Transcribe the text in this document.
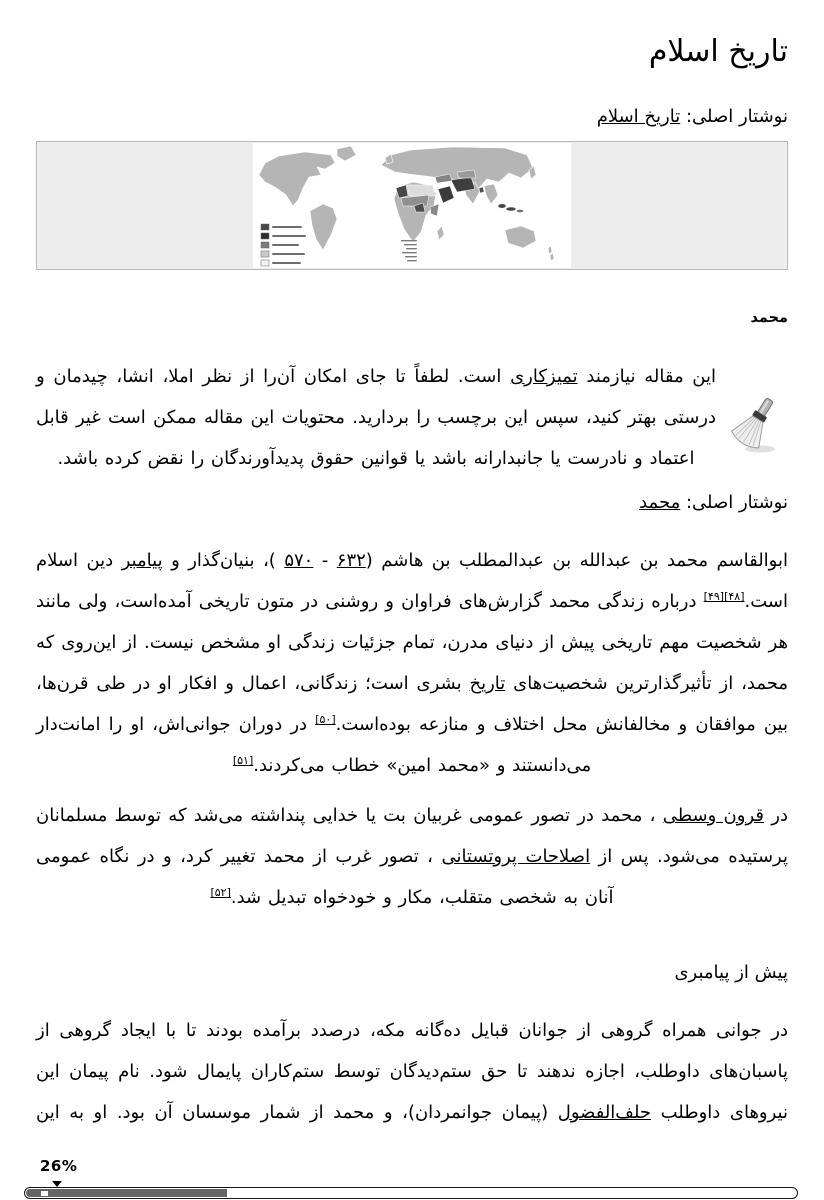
تاریخ اسلام
نوشتار اصلی: تاریخ اسلام
محمد
این مقاله نیازمند تمیزکاری است. لطفاً تا جای امکان آن‌را از نظر املا، انشا، چیدمان و درستی بهتر کنید، سپس این برچسب را بردارید. محتویات این مقاله ممکن است غیر قابل اعتماد و نادرست یا جانبدارانه باشد یا قوانین حقوق پدیدآورندگان را نقض کرده باشد.
نوشتار اصلی: محمد
ابوالقاسم محمد بن عبدالله بن عبدالمطلب بن هاشم (۶۳۲ - ۵۷۰ )، بنیان‌گذار و پیامبر دین اسلام است.[۴۸][۴۹] درباره زندگی محمد گزارش‌های فراوان و روشنی در متون تاریخی آمده‌است، ولی مانند هر شخصیت مهم تاریخی پیش از دنیای مدرن، تمام جزئیات زندگی او مشخص نیست. از این‌روی که محمد، از تأثیرگذارترین شخصیت‌های تاریخ بشری است؛ زندگانی، اعمال و افکار او در طی قرن‌ها، بین موافقان و مخالفانش محل اختلاف و منازعه بوده‌است.[۵۰] در دوران جوانی‌اش، او را امانت‌دار می‌دانستند و «محمد امین» خطاب می‌کردند.[۵۱]
در قرون وسطی ، محمد در تصور عمومی غربیان بت یا خدایی پنداشته می‌شد که توسط مسلمانان پرستیده می‌شود. پس از اصلاحات پروتستانی ، تصور غرب از محمد تغییر کرد، و در نگاه عمومی آنان به شخصی متقلب، مکار و خودخواه تبدیل شد.[۵۲]
پیش از پیامبری
در جوانی همراه گروهی از جوانان قبایل ده‌گانه مکه، درصدد برآمده بودند تا با ایجاد گروهی از پاسبان‌های داوطلب، اجازه ندهند تا حق ستم‌دیدگان توسط ستم‌کاران پایمال شود. نام پیمان این نیروهای داوطلب حلف‌الفضول (پیمان جوانمردان)، و محمد از شمار موسسان آن بود. او به این
26%
